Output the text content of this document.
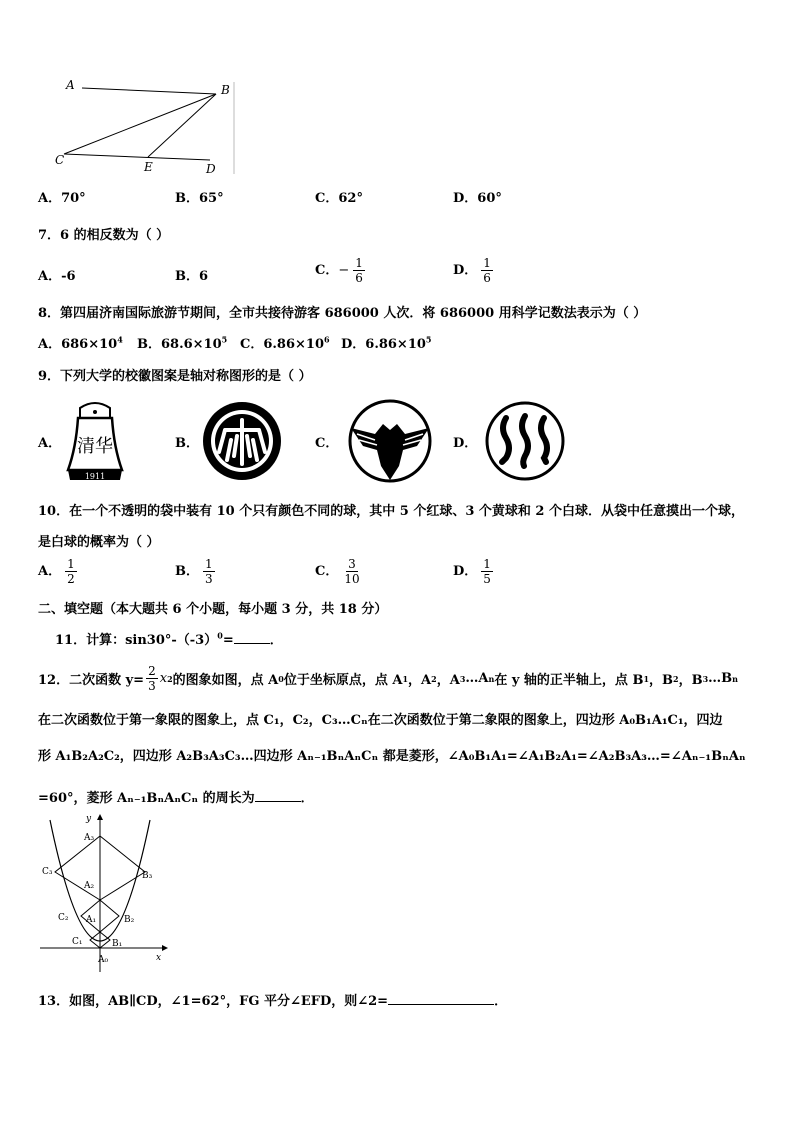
A	B
C	E	D
A．70°	B．65°	C．62°	D．60°
7．6 的相反数为（ ）
A．-6	B．6	C．− $\frac{1}{6}$	D． $\frac{1}{6}$
8．第四届济南国际旅游节期间，全市共接待游客 686000 人次．将 686000 用科学记数法表示为（ ）
A．$686\times 10^4$ B．$68.6\times 10^5$ C．$6.86\times 10^6$ D．$6.86\times 10^5$
9．下列大学的校徽图案是轴对称图形的是（ ）
A．
1911
清华	B．	C．	D．
10．在一个不透明的袋中装有 10 个只有颜色不同的球，其中 5 个红球、3 个黄球和 2 个白球．从袋中任意摸出一个球，
是白球的概率为（ ）
A． $\frac{1}{2}$	B． $\frac{1}{3}$	C． $\frac{3}{10}$	D． $\frac{1}{5}$
二、填空题（本大题共 6 个小题，每小题 3 分，共 18 分）
11．计算：$\sin 30^\circ-(-3)^0=$	．
12．二次函数 $y= \frac{2}{3}$ x 2 的图象如图，点 A 0 位于坐标原点，点 A 1 ，A 2 ，A 3 …A n 在 y 轴的正半轴上，点 B 1 ，B 2 ，B 3 …B n
在二次函数位于第一象限的图象上，点 C₁，C₂，C₃…Cₙ在二次函数位于第二象限的图象上，四边形 A₀B₁A₁C₁，四边
形 A₁B₂A₂C₂，四边形 A₂B₃A₃C₃…四边形 Aₙ₋₁BₙAₙCₙ 都是菱形，∠A₀B₁A₁=∠A₁B₂A₁=∠A₂B₃A₃…=∠Aₙ₋₁BₙAₙ
=60°，菱形 Aₙ₋₁BₙAₙCₙ 的周长为	．
y
x
A₃
C₃	B₃
A₂
C₂ A₁	B₂
C₁	B₁
A₀
13．如图，AB∥CD，∠1=62°，FG 平分∠EFD，则∠2=	．
